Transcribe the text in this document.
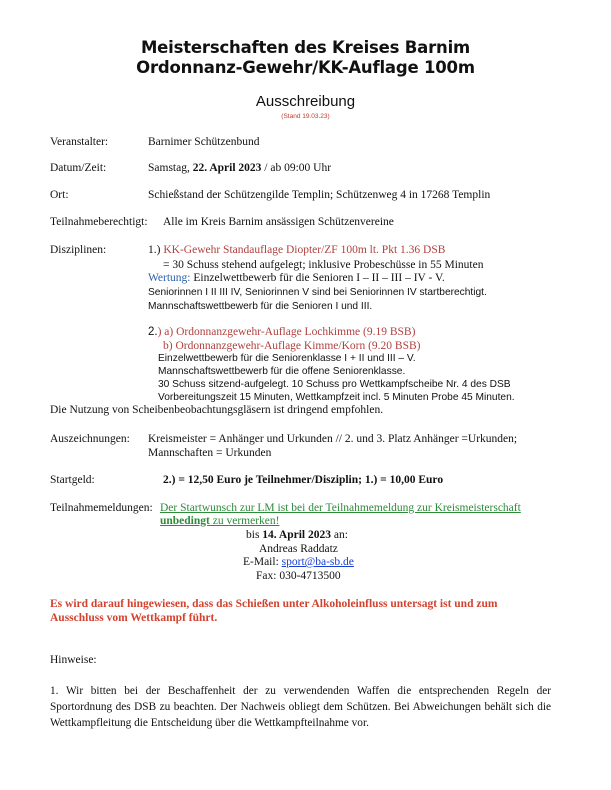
Meisterschaften des Kreises Barnim
Ordonnanz-Gewehr/KK-Auflage 100m
Ausschreibung
(Stand 19.03.23)
Veranstalter:	Barnimer Schützenbund
Datum/Zeit:	Samstag, 22. April 2023 / ab 09:00 Uhr
Ort:	Schießstand der Schützengilde Templin; Schützenweg 4 in 17268 Templin
Teilnahmeberechtigt: Alle im Kreis Barnim ansässigen Schützenvereine
Disziplinen:	1.) KK-Gewehr Standauflage Diopter/ZF 100m lt. Pkt 1.36 DSB
= 30 Schuss stehend aufgelegt; inklusive Probeschüsse in 55 Minuten
Wertung: Einzelwettbewerb für die Senioren I – II – III – IV - V.
Seniorinnen I II III IV, Seniorinnen V sind bei Seniorinnen IV startberechtigt.
Mannschaftswettbewerb für die Senioren I und III.
2.) a) Ordonnanzgewehr-Auflage Lochkimme (9.19 BSB)
b) Ordonnanzgewehr-Auflage Kimme/Korn (9.20 BSB)
Einzelwettbewerb für die Seniorenklasse I + II und III – V.
Mannschaftswettbewerb für die offene Seniorenklasse.
30 Schuss sitzend-aufgelegt. 10 Schuss pro Wettkampfscheibe Nr. 4 des DSB
Vorbereitungszeit 15 Minuten, Wettkampfzeit incl. 5 Minuten Probe 45 Minuten.
Die Nutzung von Scheibenbeobachtungsgläsern ist dringend empfohlen.
Auszeichnungen: Kreismeister = Anhänger und Urkunden // 2. und 3. Platz Anhänger =Urkunden;
Mannschaften = Urkunden
Startgeld:	2.) = 12,50 Euro je Teilnehmer/Disziplin; 1.) = 10,00 Euro
Teilnahmemeldungen: Der Startwunsch zur LM ist bei der Teilnahmemeldung zur Kreismeisterschaft
unbedingt zu vermerken!
bis 14. April 2023 an:
Andreas Raddatz
E-Mail: sport@ba-sb.de
Fax: 030-4713500
Es wird darauf hingewiesen, dass das Schießen unter Alkoholeinfluss untersagt ist und zum
Ausschluss vom Wettkampf führt.
Hinweise:
1. Wir bitten bei der Beschaffenheit der zu verwendenden Waffen die entsprechenden Regeln der Sportordnung des DSB zu beachten. Der Nachweis obliegt dem Schützen. Bei Abweichungen behält sich die Wettkampfleitung die Entscheidung über die Wettkampfteilnahme vor.
